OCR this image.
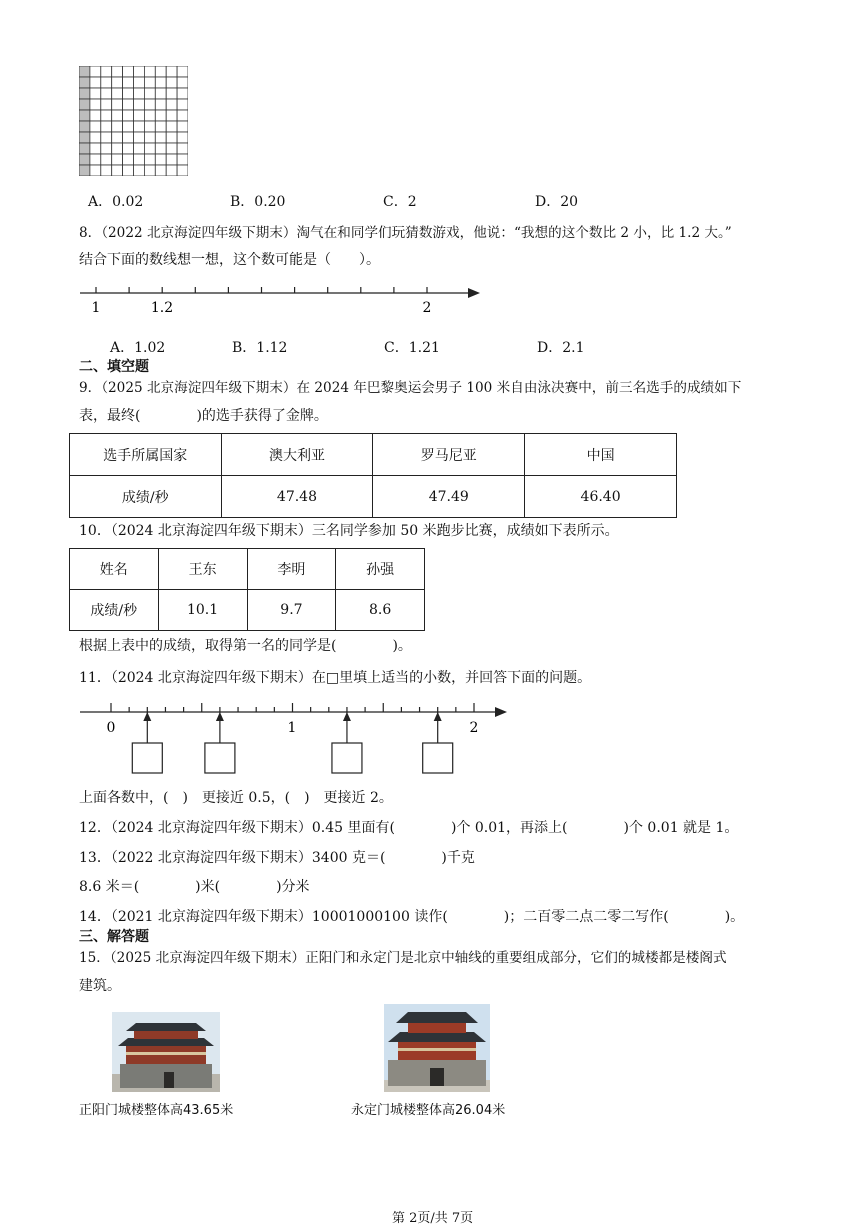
A．0.02	B．0.20	C．2	D．20
8．（2022 北京海淀四年级下期末）淘气在和同学们玩猜数游戏，他说：“我想的这个数比 2 小，比 1.2 大。”
结合下面的数线想一想，这个数可能是（　　）。
1	1.2	2
A．1.02	B．1.12	C．1.21	D．2.1
二、填空题
9．（2025 北京海淀四年级下期末）在 2024 年巴黎奥运会男子 100 米自由泳决赛中，前三名选手的成绩如下
表，最终(　　　　)的选手获得了金牌。
选手所属国家	澳大利亚	罗马尼亚	中国
成绩/秒	47.48	47.49	46.40
10．（2024 北京海淀四年级下期末）三名同学参加 50 米跑步比赛，成绩如下表所示。
姓名	王东	李明	孙强
成绩/秒	10.1	9.7	8.6
根据上表中的成绩，取得第一名的同学是(　　　　)。
11．（2024 北京海淀四年级下期末）在□里填上适当的小数，并回答下面的问题。
0	1	2
上面各数中，(　)　更接近 0.5，(　)　更接近 2。
12．（2024 北京海淀四年级下期末）0.45 里面有(　　　　)个 0.01，再添上(　　　　)个 0.01 就是 1。
13．（2022 北京海淀四年级下期末）3400 克＝(　　　　)千克
8.6 米＝(　　　　)米(　　　　)分米
14．（2021 北京海淀四年级下期末）10001000100 读作(　　　　)；二百零二点二零二写作(　　　　)。
三、解答题
15．（2025 北京海淀四年级下期末）正阳门和永定门是北京中轴线的重要组成部分，它们的城楼都是楼阁式
建筑。
正阳门城楼整体高43.65米	永定门城楼整体高26.04米
第 2页/共 7页
